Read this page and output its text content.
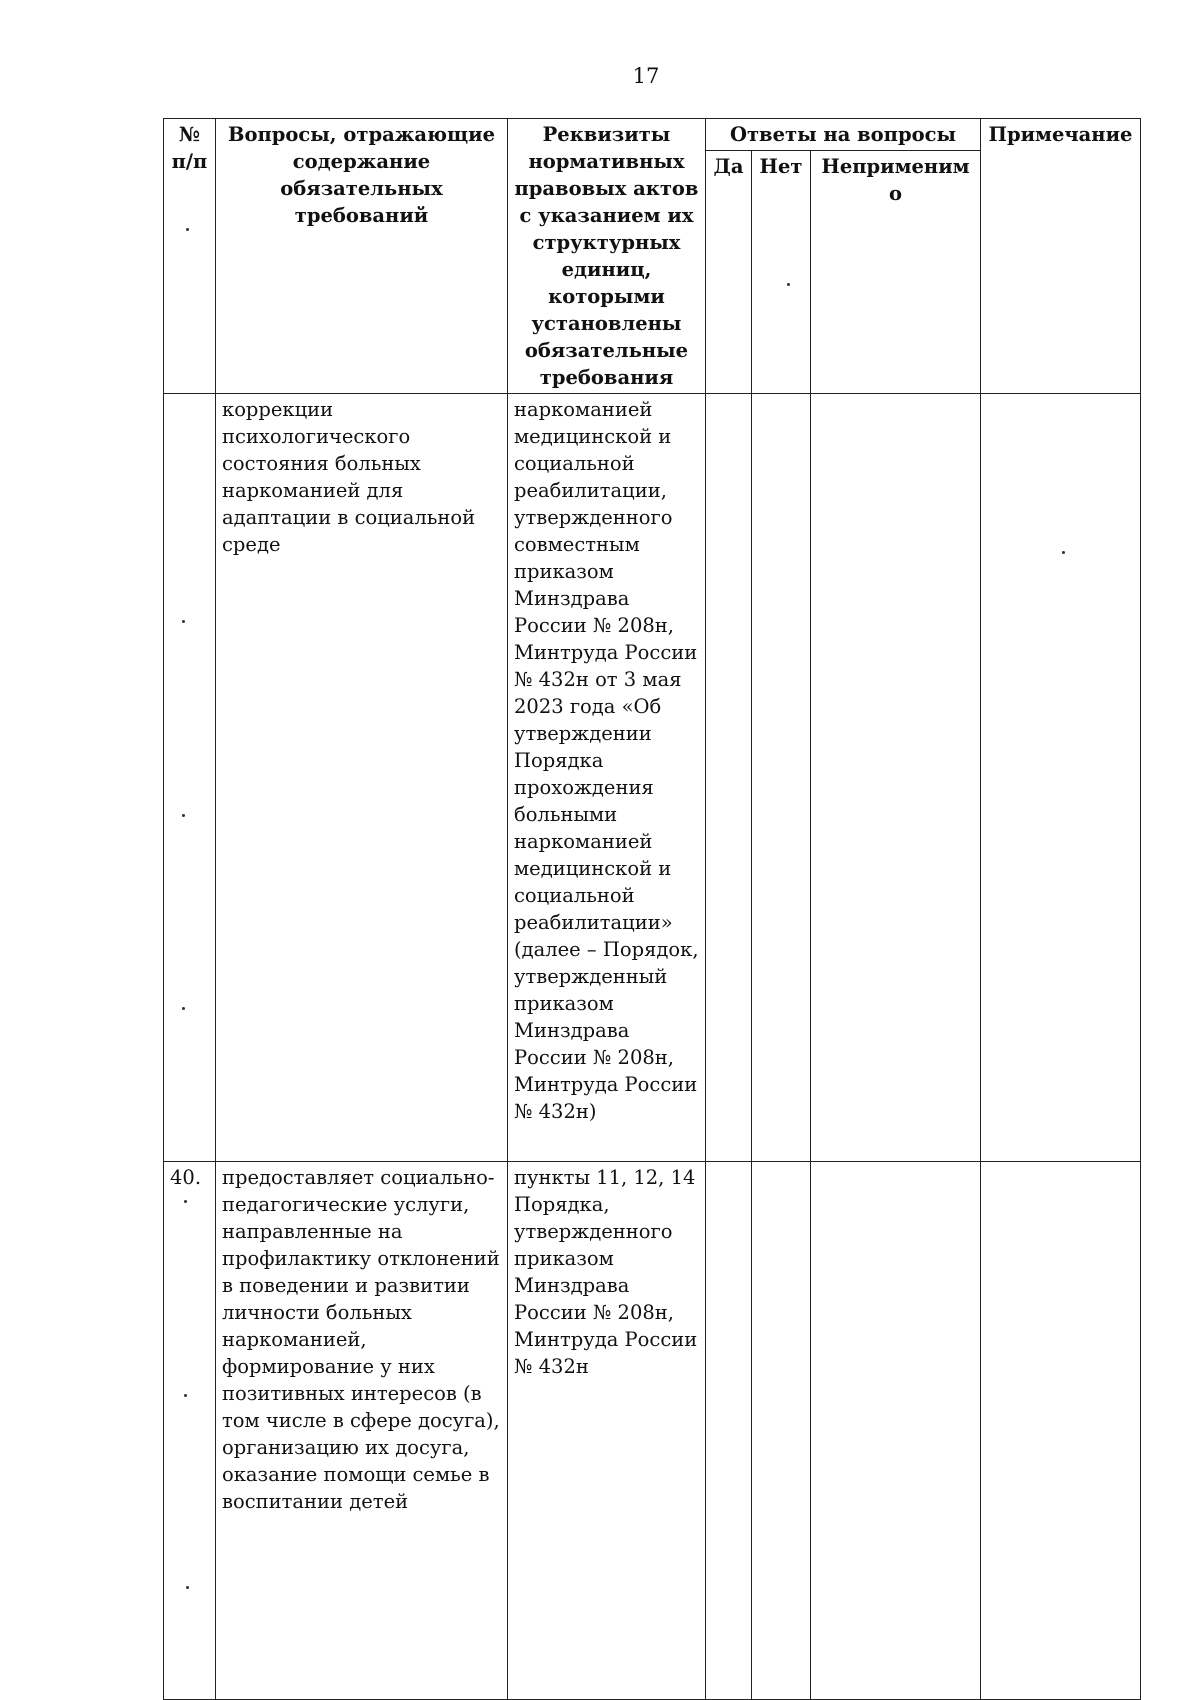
17
№ п/п	Вопросы, отражающие содержание обязательных требований	Реквизиты нормативных правовых актов с указанием их структурных единиц, которыми установлены обязательные требования	Ответы на вопросы			Примечание
			Да	Нет	Неприменимо	
	коррекции психологического состояния больных наркоманией для адаптации в социальной среде	наркоманией медицинской и социальной реабилитации, утвержденного совместным приказом Минздрава России № 208н, Минтруда России № 432н от 3 мая 2023 года «Об утверждении Порядка прохождения больными наркоманией медицинской и социальной реабилитации» (далее – Порядок, утвержденный приказом Минздрава России № 208н, Минтруда России № 432н)				
40.	предоставляет социально-педагогические услуги, направленные на профилактику отклонений в поведении и развитии личности больных наркоманией, формирование у них позитивных интересов (в том числе в сфере досуга), организацию их досуга, оказание помощи семье в воспитании детей	пункты 11, 12, 14 Порядка, утвержденного приказом Минздрава России № 208н, Минтруда России № 432н				
